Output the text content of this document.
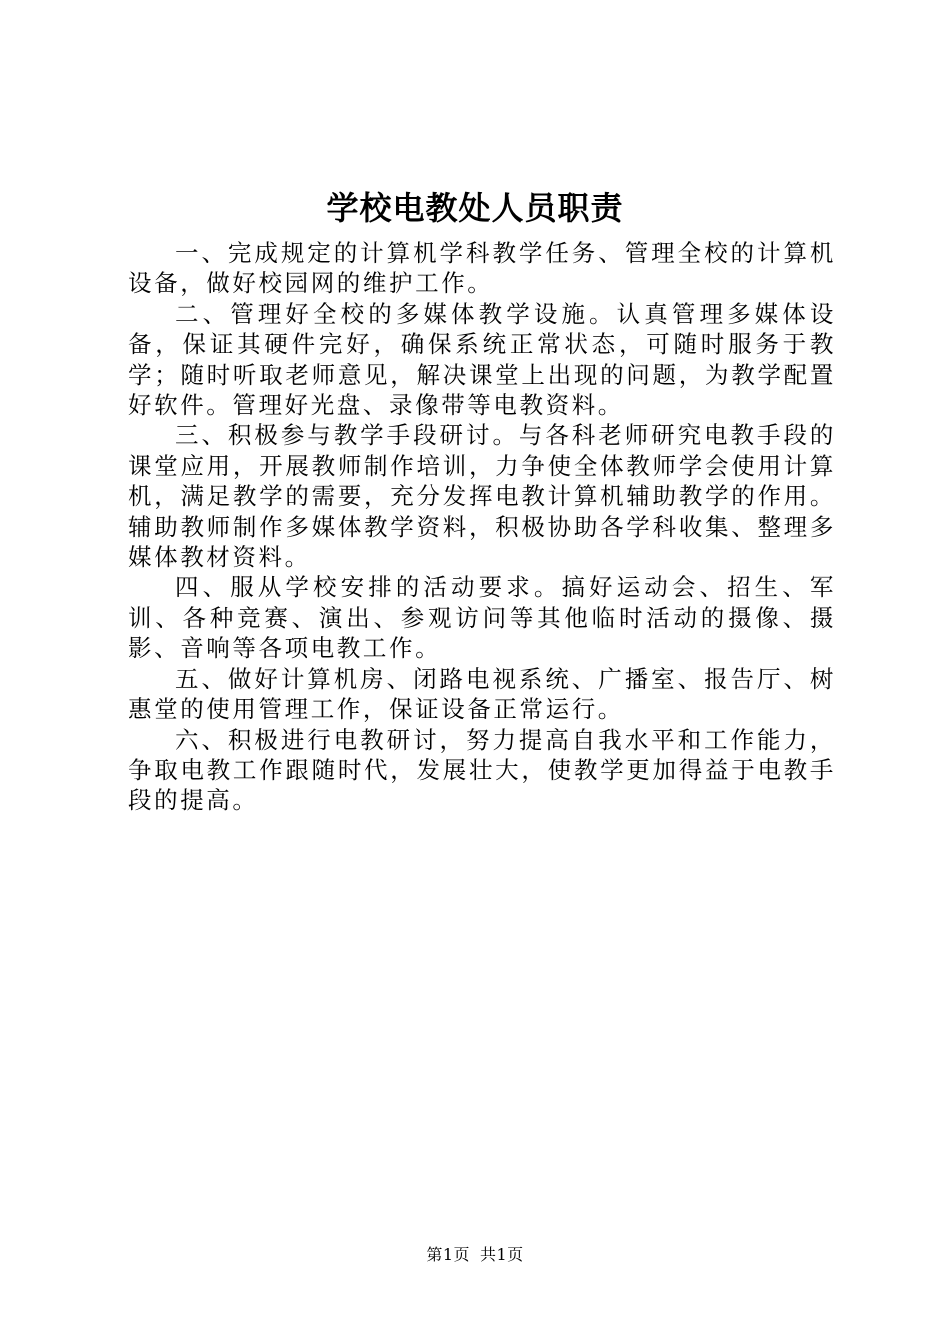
学校电教处人员职责

一、完成规定的计算机学科教学任务、管理全校的计算机设备，做好校园网的维护工作。

二、管理好全校的多媒体教学设施。认真管理多媒体设备，保证其硬件完好，确保系统正常状态，可随时服务于教学；随时听取老师意见，解决课堂上出现的问题，为教学配置好软件。管理好光盘、录像带等电教资料。

三、积极参与教学手段研讨。与各科老师研究电教手段的课堂应用，开展教师制作培训，力争使全体教师学会使用计算机，满足教学的需要，充分发挥电教计算机辅助教学的作用。辅助教师制作多媒体教学资料，积极协助各学科收集、整理多媒体教材资料。

四、服从学校安排的活动要求。搞好运动会、招生、军训、各种竞赛、演出、参观访问等其他临时活动的摄像、摄影、音响等各项电教工作。

五、做好计算机房、闭路电视系统、广播室、报告厅、树惠堂的使用管理工作，保证设备正常运行。

六、积极进行电教研讨，努力提高自我水平和工作能力，争取电教工作跟随时代，发展壮大，使教学更加得益于电教手段的提高。

第1页 共1页
